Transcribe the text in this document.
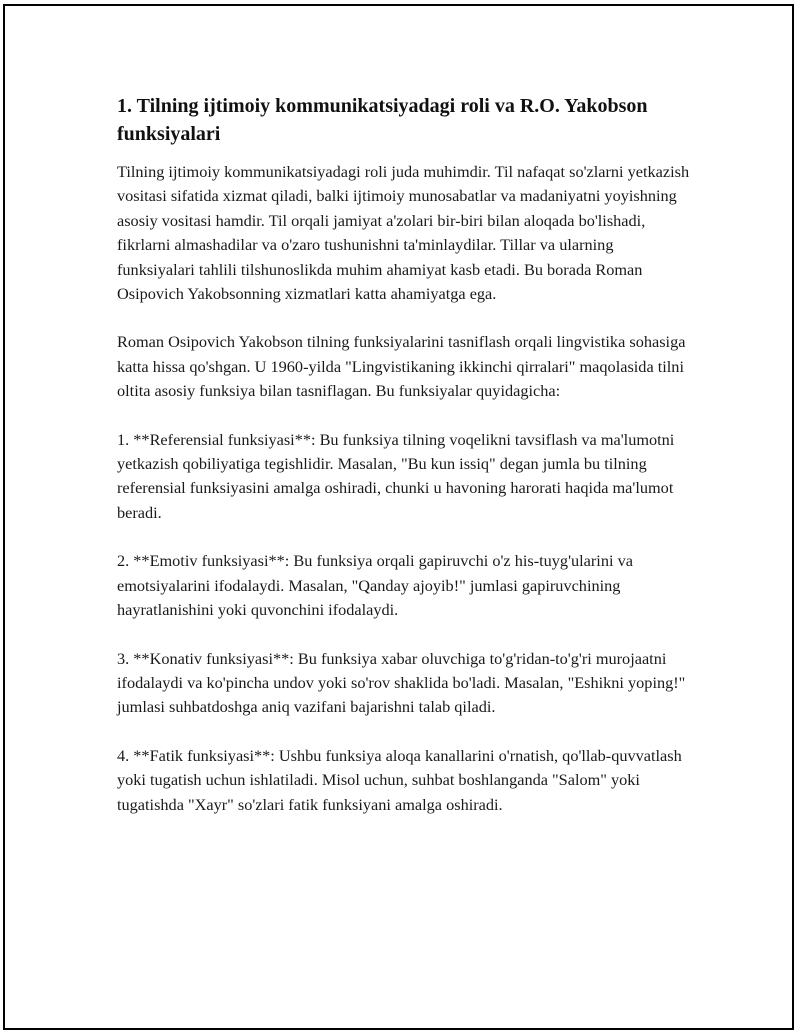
1. Tilning ijtimoiy kommunikatsiyadagi roli va R.O. Yakobson funksiyalari

Tilning ijtimoiy kommunikatsiyadagi roli juda muhimdir. Til nafaqat so'zlarni yetkazish vositasi sifatida xizmat qiladi, balki ijtimoiy munosabatlar va madaniyatni yoyishning asosiy vositasi hamdir. Til orqali jamiyat a'zolari bir-biri bilan aloqada bo'lishadi, fikrlarni almashadilar va o'zaro tushunishni ta'minlaydilar. Tillar va ularning funksiyalari tahlili tilshunoslikda muhim ahamiyat kasb etadi. Bu borada Roman Osipovich Yakobsonning xizmatlari katta ahamiyatga ega.

Roman Osipovich Yakobson tilning funksiyalarini tasniflash orqali lingvistika sohasiga katta hissa qo'shgan. U 1960-yilda "Lingvistikaning ikkinchi qirralari" maqolasida tilni oltita asosiy funksiya bilan tasniflagan. Bu funksiyalar quyidagicha:

1. **Referensial funksiyasi**: Bu funksiya tilning voqelikni tavsiflash va ma'lumotni yetkazish qobiliyatiga tegishlidir. Masalan, "Bu kun issiq" degan jumla bu tilning referensial funksiyasini amalga oshiradi, chunki u havoning harorati haqida ma'lumot beradi.

2. **Emotiv funksiyasi**: Bu funksiya orqali gapiruvchi o'z his-tuyg'ularini va emotsiyalarini ifodalaydi. Masalan, "Qanday ajoyib!" jumlasi gapiruvchining hayratlanishini yoki quvonchini ifodalaydi.

3. **Konativ funksiyasi**: Bu funksiya xabar oluvchiga to'g'ridan-to'g'ri murojaatni ifodalaydi va ko'pincha undov yoki so'rov shaklida bo'ladi. Masalan, "Eshikni yoping!" jumlasi suhbatdoshga aniq vazifani bajarishni talab qiladi.

4. **Fatik funksiyasi**: Ushbu funksiya aloqa kanallarini o'rnatish, qo'llab-quvvatlash yoki tugatish uchun ishlatiladi. Misol uchun, suhbat boshlanganda "Salom" yoki tugatishda "Xayr" so'zlari fatik funksiyani amalga oshiradi.
